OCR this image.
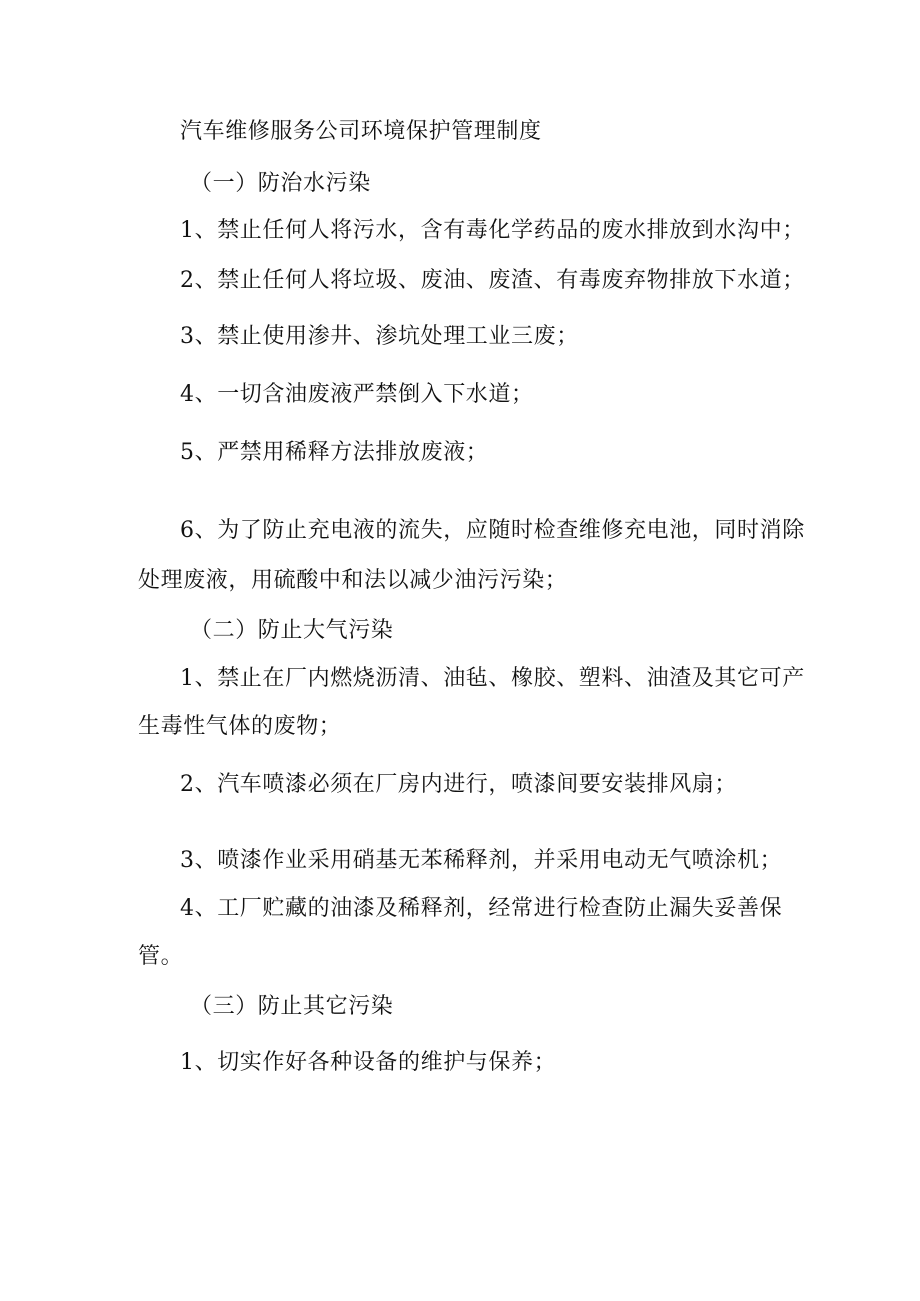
汽车维修服务公司环境保护管理制度
（一）防治水污染
1、禁止任何人将污水，含有毒化学药品的废水排放到水沟中；
2、禁止任何人将垃圾、废油、废渣、有毒废弃物排放下水道；
3、禁止使用渗井、渗坑处理工业三废；
4、一切含油废液严禁倒入下水道；
5、严禁用稀释方法排放废液；
6、为了防止充电液的流失，应随时检查维修充电池，同时消除
处理废液，用硫酸中和法以减少油污污染；
（二）防止大气污染
1、禁止在厂内燃烧沥清、油毡、橡胶、塑料、油渣及其它可产
生毒性气体的废物；
2、汽车喷漆必须在厂房内进行，喷漆间要安装排风扇；
3、喷漆作业采用硝基无苯稀释剂，并采用电动无气喷涂机；
4、工厂贮藏的油漆及稀释剂，经常进行检查防止漏失妥善保
管。
（三）防止其它污染
1、切实作好各种设备的维护与保养；
